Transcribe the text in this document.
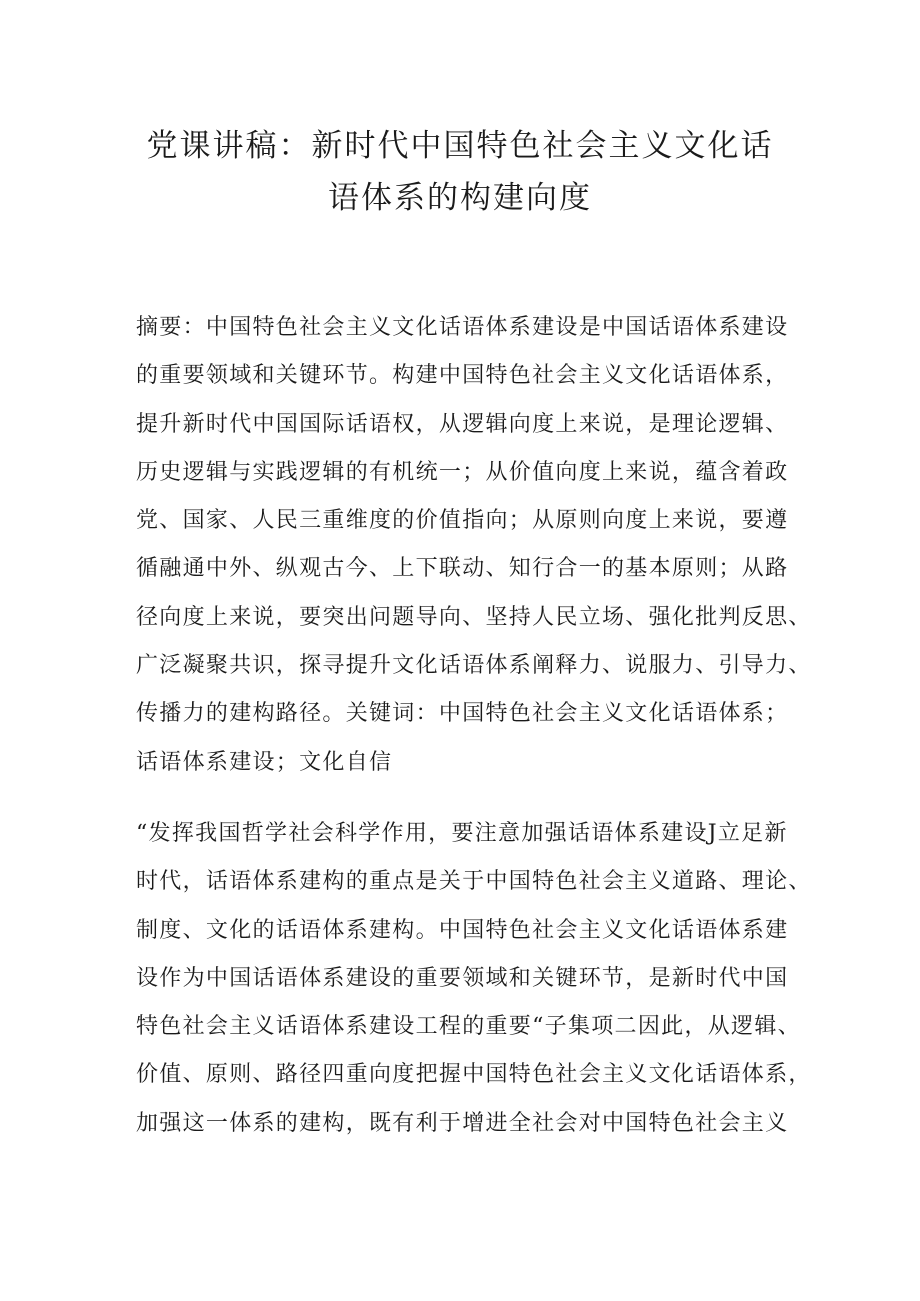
党课讲稿：新时代中国特色社会主义文化话
语体系的构建向度

摘要：中国特色社会主义文化话语体系建设是中国话语体系建设
的重要领域和关键环节。构建中国特色社会主义文化话语体系，
提升新时代中国国际话语权，从逻辑向度上来说，是理论逻辑、
历史逻辑与实践逻辑的有机统一；从价值向度上来说，蕴含着政
党、国家、人民三重维度的价值指向；从原则向度上来说，要遵
循融通中外、纵观古今、上下联动、知行合一的基本原则；从路
径向度上来说，要突出问题导向、坚持人民立场、强化批判反思、
广泛凝聚共识，探寻提升文化话语体系阐释力、说服力、引导力、
传播力的建构路径。关键词：中国特色社会主义文化话语体系；
话语体系建设；文化自信

“发挥我国哲学社会科学作用，要注意加强话语体系建设J立足新
时代，话语体系建构的重点是关于中国特色社会主义道路、理论、
制度、文化的话语体系建构。中国特色社会主义文化话语体系建
设作为中国话语体系建设的重要领域和关键环节，是新时代中国
特色社会主义话语体系建设工程的重要“子集项二因此，从逻辑、
价值、原则、路径四重向度把握中国特色社会主义文化话语体系，
加强这一体系的建构，既有利于增进全社会对中国特色社会主义
